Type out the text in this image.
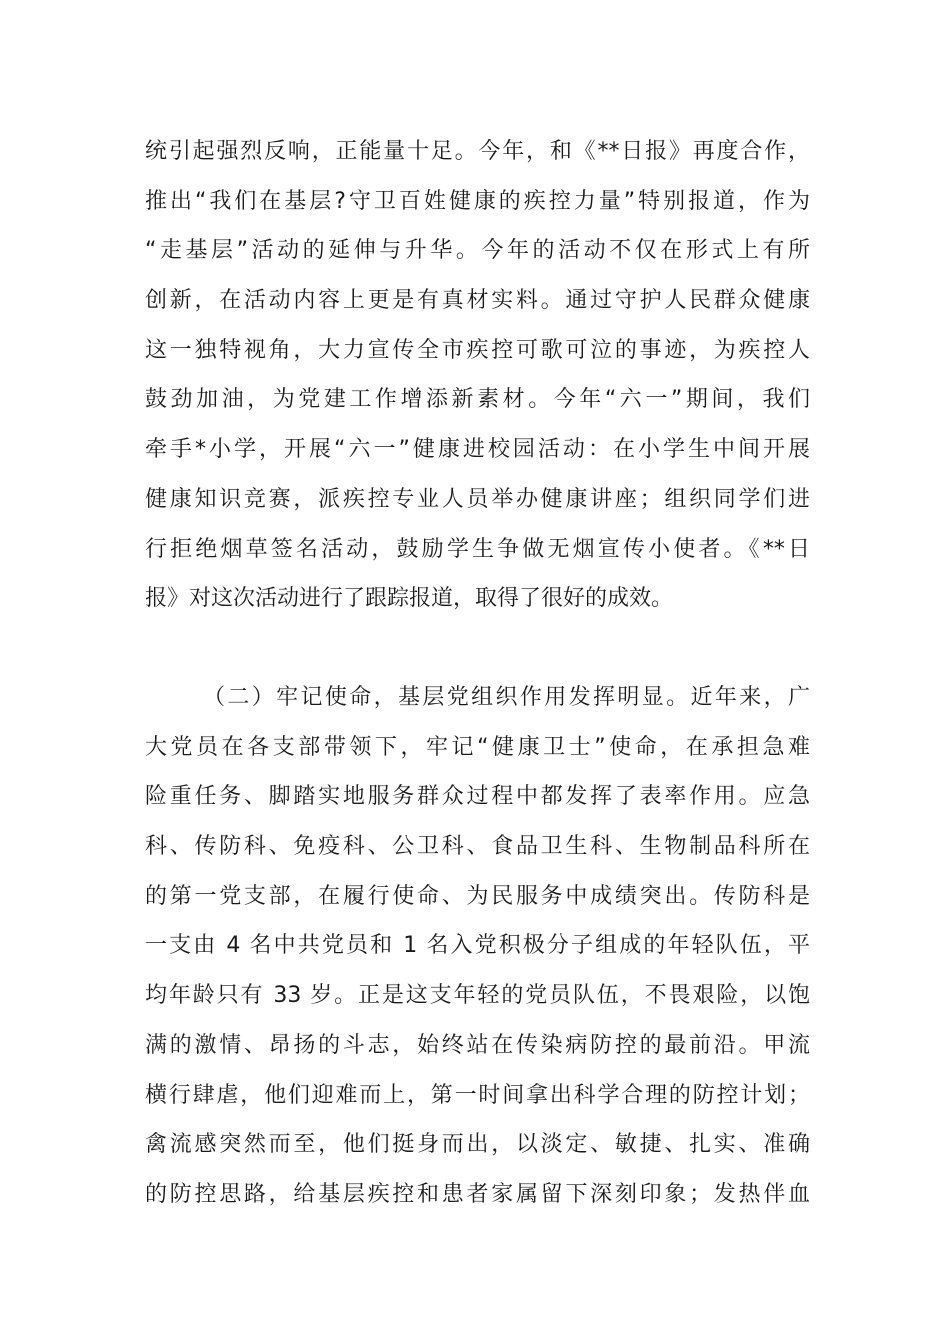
统引起强烈反响，正能量十足。今年，和《**日报》再度合作，
推出“我们在基层?守卫百姓健康的疾控力量”特别报道，作为
“走基层”活动的延伸与升华。今年的活动不仅在形式上有所
创新，在活动内容上更是有真材实料。通过守护人民群众健康
这一独特视角，大力宣传全市疾控可歌可泣的事迹，为疾控人
鼓劲加油，为党建工作增添新素材。今年“六一”期间，我们
牵手*小学，开展“六一”健康进校园活动：在小学生中间开展
健康知识竞赛，派疾控专业人员举办健康讲座；组织同学们进
行拒绝烟草签名活动，鼓励学生争做无烟宣传小使者。《**日
报》对这次活动进行了跟踪报道，取得了很好的成效。
（二）牢记使命，基层党组织作用发挥明显。近年来，广
大党员在各支部带领下，牢记“健康卫士”使命，在承担急难
险重任务、脚踏实地服务群众过程中都发挥了表率作用。应急
科、传防科、免疫科、公卫科、食品卫生科、生物制品科所在
的第一党支部，在履行使命、为民服务中成绩突出。传防科是
一支由 4 名中共党员和 1 名入党积极分子组成的年轻队伍，平
均年龄只有 33 岁。正是这支年轻的党员队伍，不畏艰险，以饱
满的激情、昂扬的斗志，始终站在传染病防控的最前沿。甲流
横行肆虐，他们迎难而上，第一时间拿出科学合理的防控计划；
禽流感突然而至，他们挺身而出，以淡定、敏捷、扎实、准确
的防控思路，给基层疾控和患者家属留下深刻印象；发热伴血
